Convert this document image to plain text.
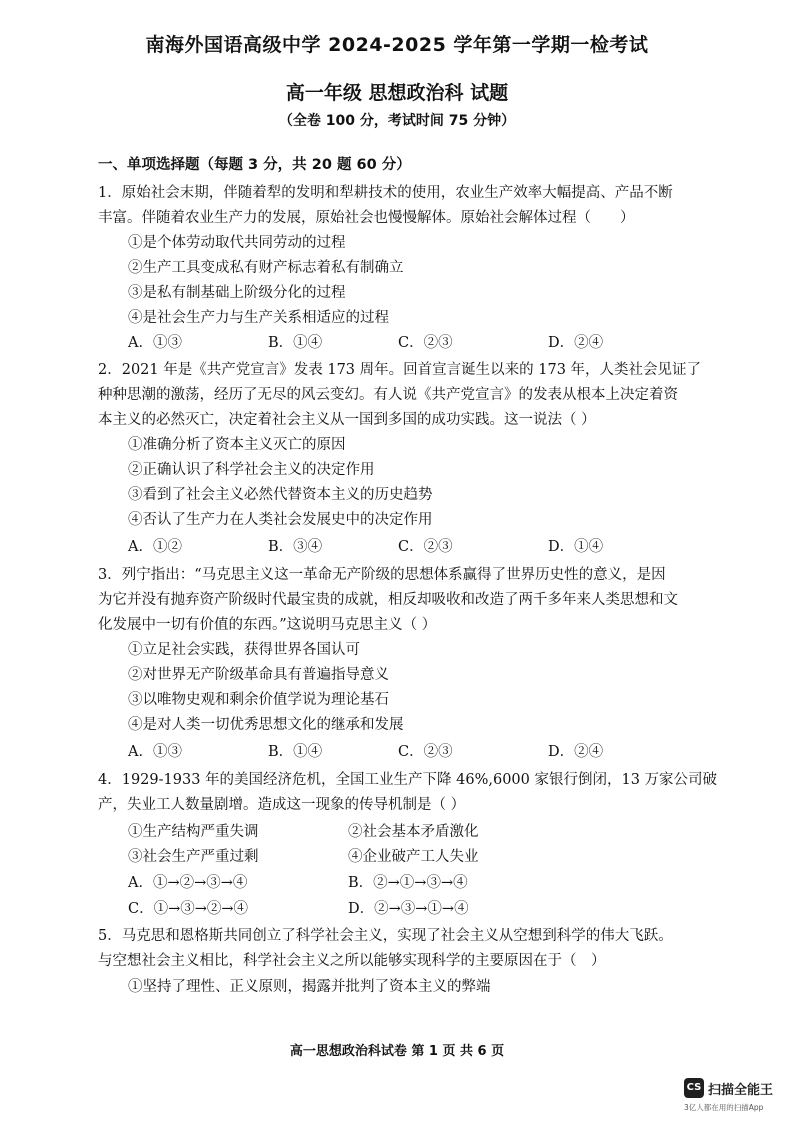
南海外国语高级中学 2024-2025 学年第一学期一检考试
高一年级 思想政治科 试题
（全卷 100 分，考试时间 75 分钟）
一、单项选择题（每题 3 分，共 20 题 60 分）
1．原始社会末期，伴随着犁的发明和犁耕技术的使用，农业生产效率大幅提高、产品不断
丰富。伴随着农业生产力的发展，原始社会也慢慢解体。原始社会解体过程（　　）
①是个体劳动取代共同劳动的过程
②生产工具变成私有财产标志着私有制确立
③是私有制基础上阶级分化的过程
④是社会生产力与生产关系相适应的过程
A．①③	B．①④	C．②③	D．②④
2．2021 年是《共产党宣言》发表 173 周年。回首宣言诞生以来的 173 年，人类社会见证了
种种思潮的激荡，经历了无尽的风云变幻。有人说《共产党宣言》的发表从根本上决定着资
本主义的必然灭亡，决定着社会主义从一国到多国的成功实践。这一说法（ ）
①准确分析了资本主义灭亡的原因
②正确认识了科学社会主义的决定作用
③看到了社会主义必然代替资本主义的历史趋势
④否认了生产力在人类社会发展史中的决定作用
A．①②	B．③④	C．②③	D．①④
3．列宁指出：“马克思主义这一革命无产阶级的思想体系赢得了世界历史性的意义，是因
为它并没有抛弃资产阶级时代最宝贵的成就，相反却吸收和改造了两千多年来人类思想和文
化发展中一切有价值的东西。”这说明马克思主义（ ）
①立足社会实践，获得世界各国认可
②对世界无产阶级革命具有普遍指导意义
③以唯物史观和剩余价值学说为理论基石
④是对人类一切优秀思想文化的继承和发展
A．①③	B．①④	C．②③	D．②④
4．1929-1933 年的美国经济危机，全国工业生产下降 46%,6000 家银行倒闭，13 万家公司破
产，失业工人数量剧增。造成这一现象的传导机制是（ ）
①生产结构严重失调	②社会基本矛盾激化
③社会生产严重过剩	④企业破产工人失业
A．①→②→③→④	B．②→①→③→④
C．①→③→②→④	D．②→③→①→④
5．马克思和恩格斯共同创立了科学社会主义，实现了社会主义从空想到科学的伟大飞跃。
与空想社会主义相比，科学社会主义之所以能够实现科学的主要原因在于（　）
①坚持了理性、正义原则，揭露并批判了资本主义的弊端
高一思想政治科试卷 第 1 页 共 6 页
CS 扫描全能王
3亿人都在用的扫描App
